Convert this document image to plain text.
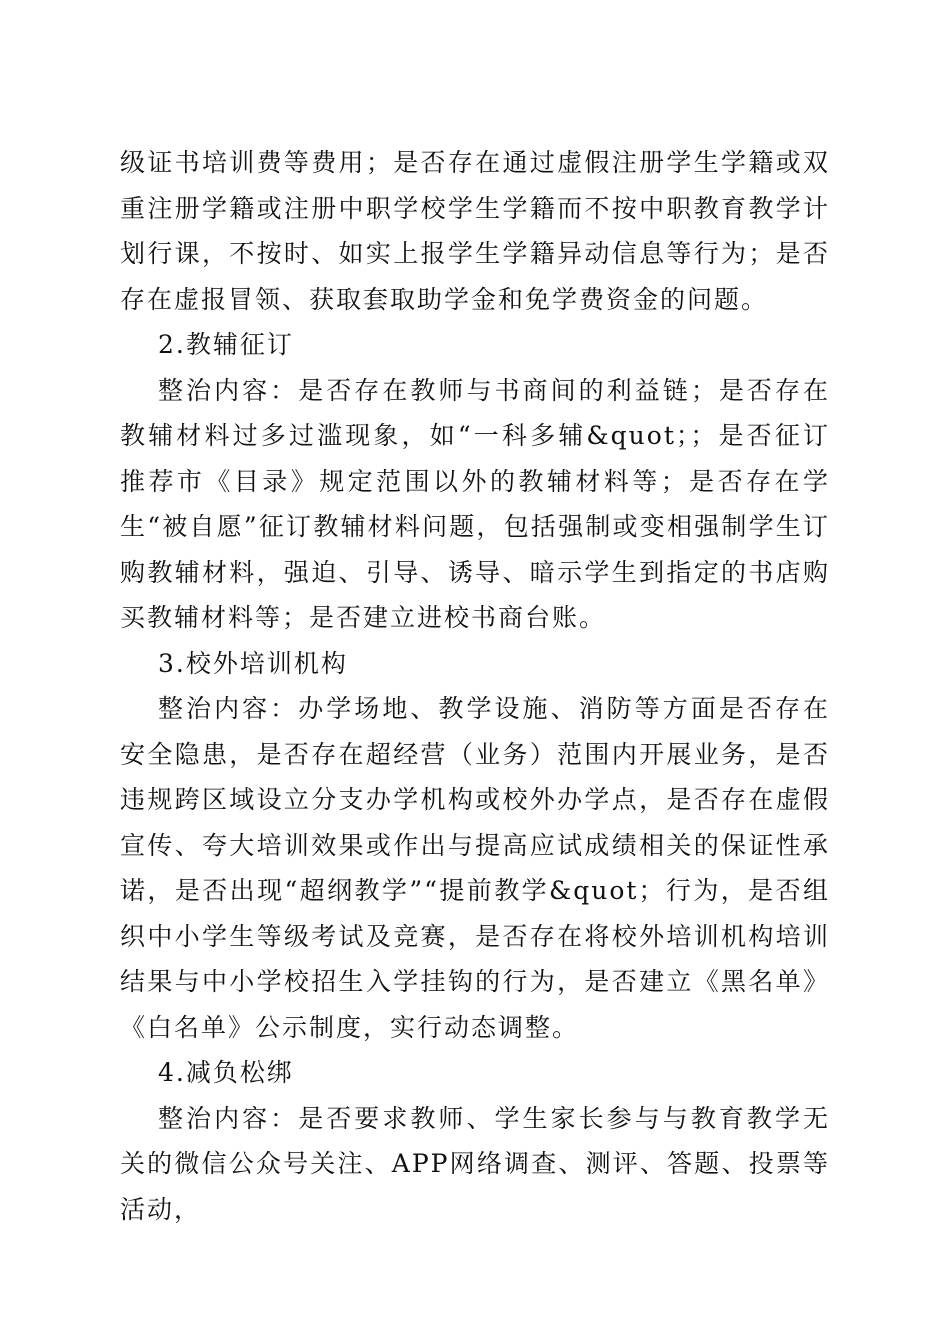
级证书培训费等费用；是否存在通过虚假注册学生学籍或双重注册学籍或注册中职学校学生学籍而不按中职教育教学计划行课，不按时、如实上报学生学籍异动信息等行为；是否存在虚报冒领、获取套取助学金和免学费资金的问题。

2.教辅征订

整治内容：是否存在教师与书商间的利益链；是否存在教辅材料过多过滥现象，如“一科多辅&quot；；是否征订推荐市《目录》规定范围以外的教辅材料等；是否存在学生“被自愿”征订教辅材料问题，包括强制或变相强制学生订购教辅材料，强迫、引导、诱导、暗示学生到指定的书店购买教辅材料等；是否建立进校书商台账。

3.校外培训机构

整治内容：办学场地、教学设施、消防等方面是否存在安全隐患，是否存在超经营（业务）范围内开展业务，是否违规跨区域设立分支办学机构或校外办学点，是否存在虚假宣传、夸大培训效果或作出与提高应试成绩相关的保证性承诺，是否出现“超纲教学”“提前教学&quot；行为，是否组织中小学生等级考试及竞赛，是否存在将校外培训机构培训结果与中小学校招生入学挂钩的行为，是否建立《黑名单》《白名单》公示制度，实行动态调整。

4.减负松绑

整治内容：是否要求教师、学生家长参与与教育教学无关的微信公众号关注、APP网络调查、测评、答题、投票等活动，
